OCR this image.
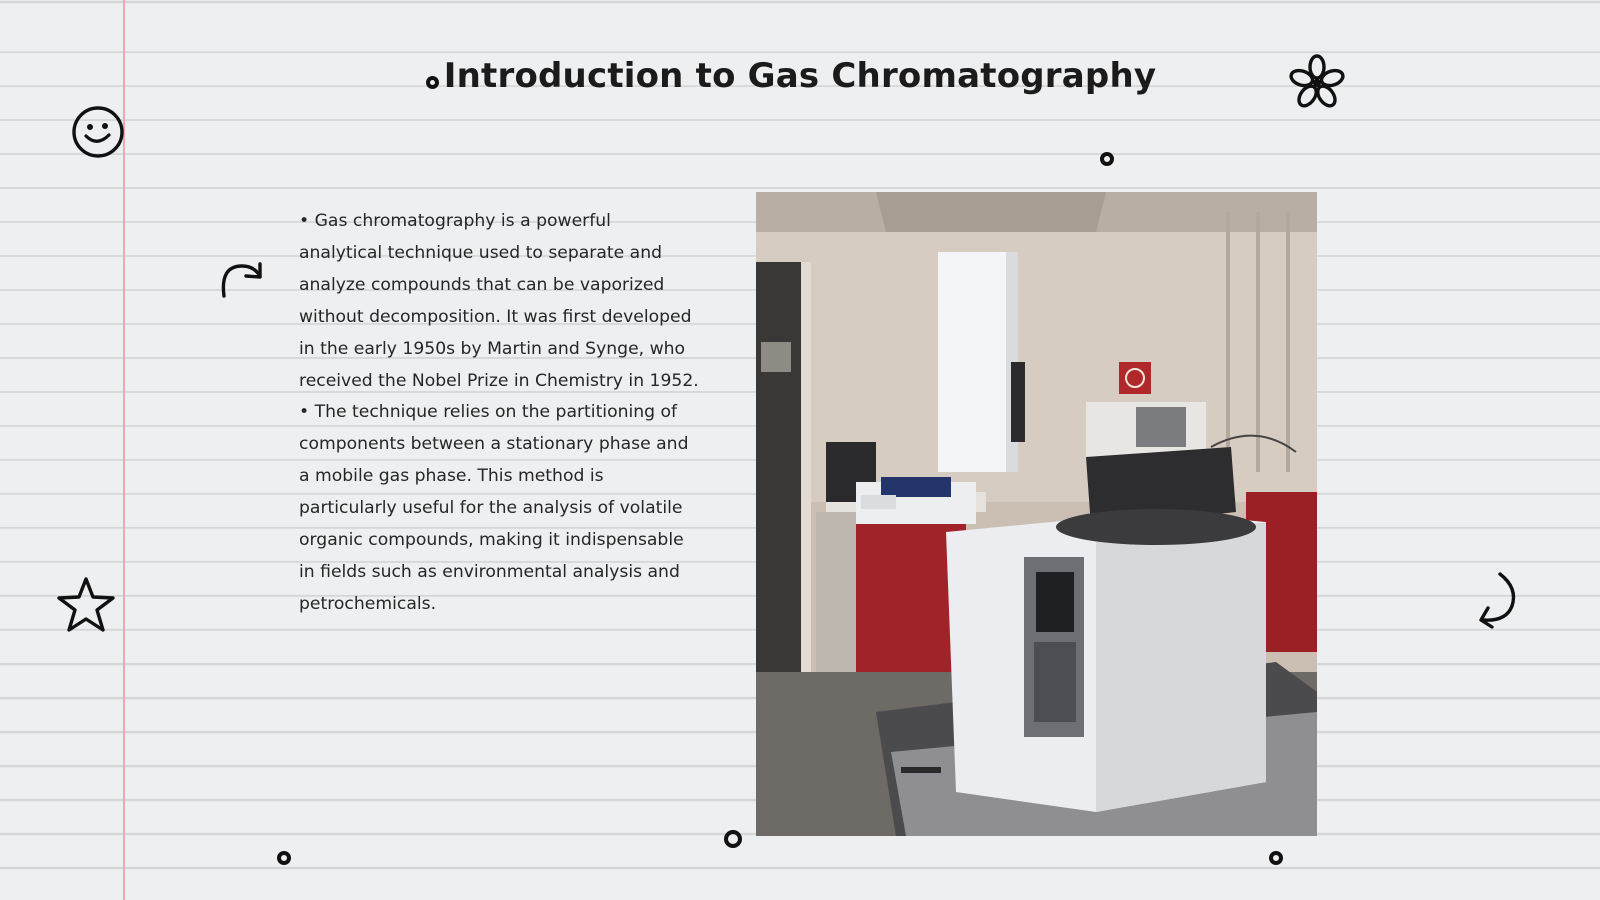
Introduction to Gas Chromatography

• Gas chromatography is a powerful analytical technique used to separate and analyze compounds that can be vaporized without decomposition. It was first developed in the early 1950s by Martin and Synge, who received the Nobel Prize in Chemistry in 1952.

• The technique relies on the partitioning of components between a stationary phase and a mobile gas phase. This method is particularly useful for the analysis of volatile organic compounds, making it indispensable in fields such as environmental analysis and petrochemicals.
